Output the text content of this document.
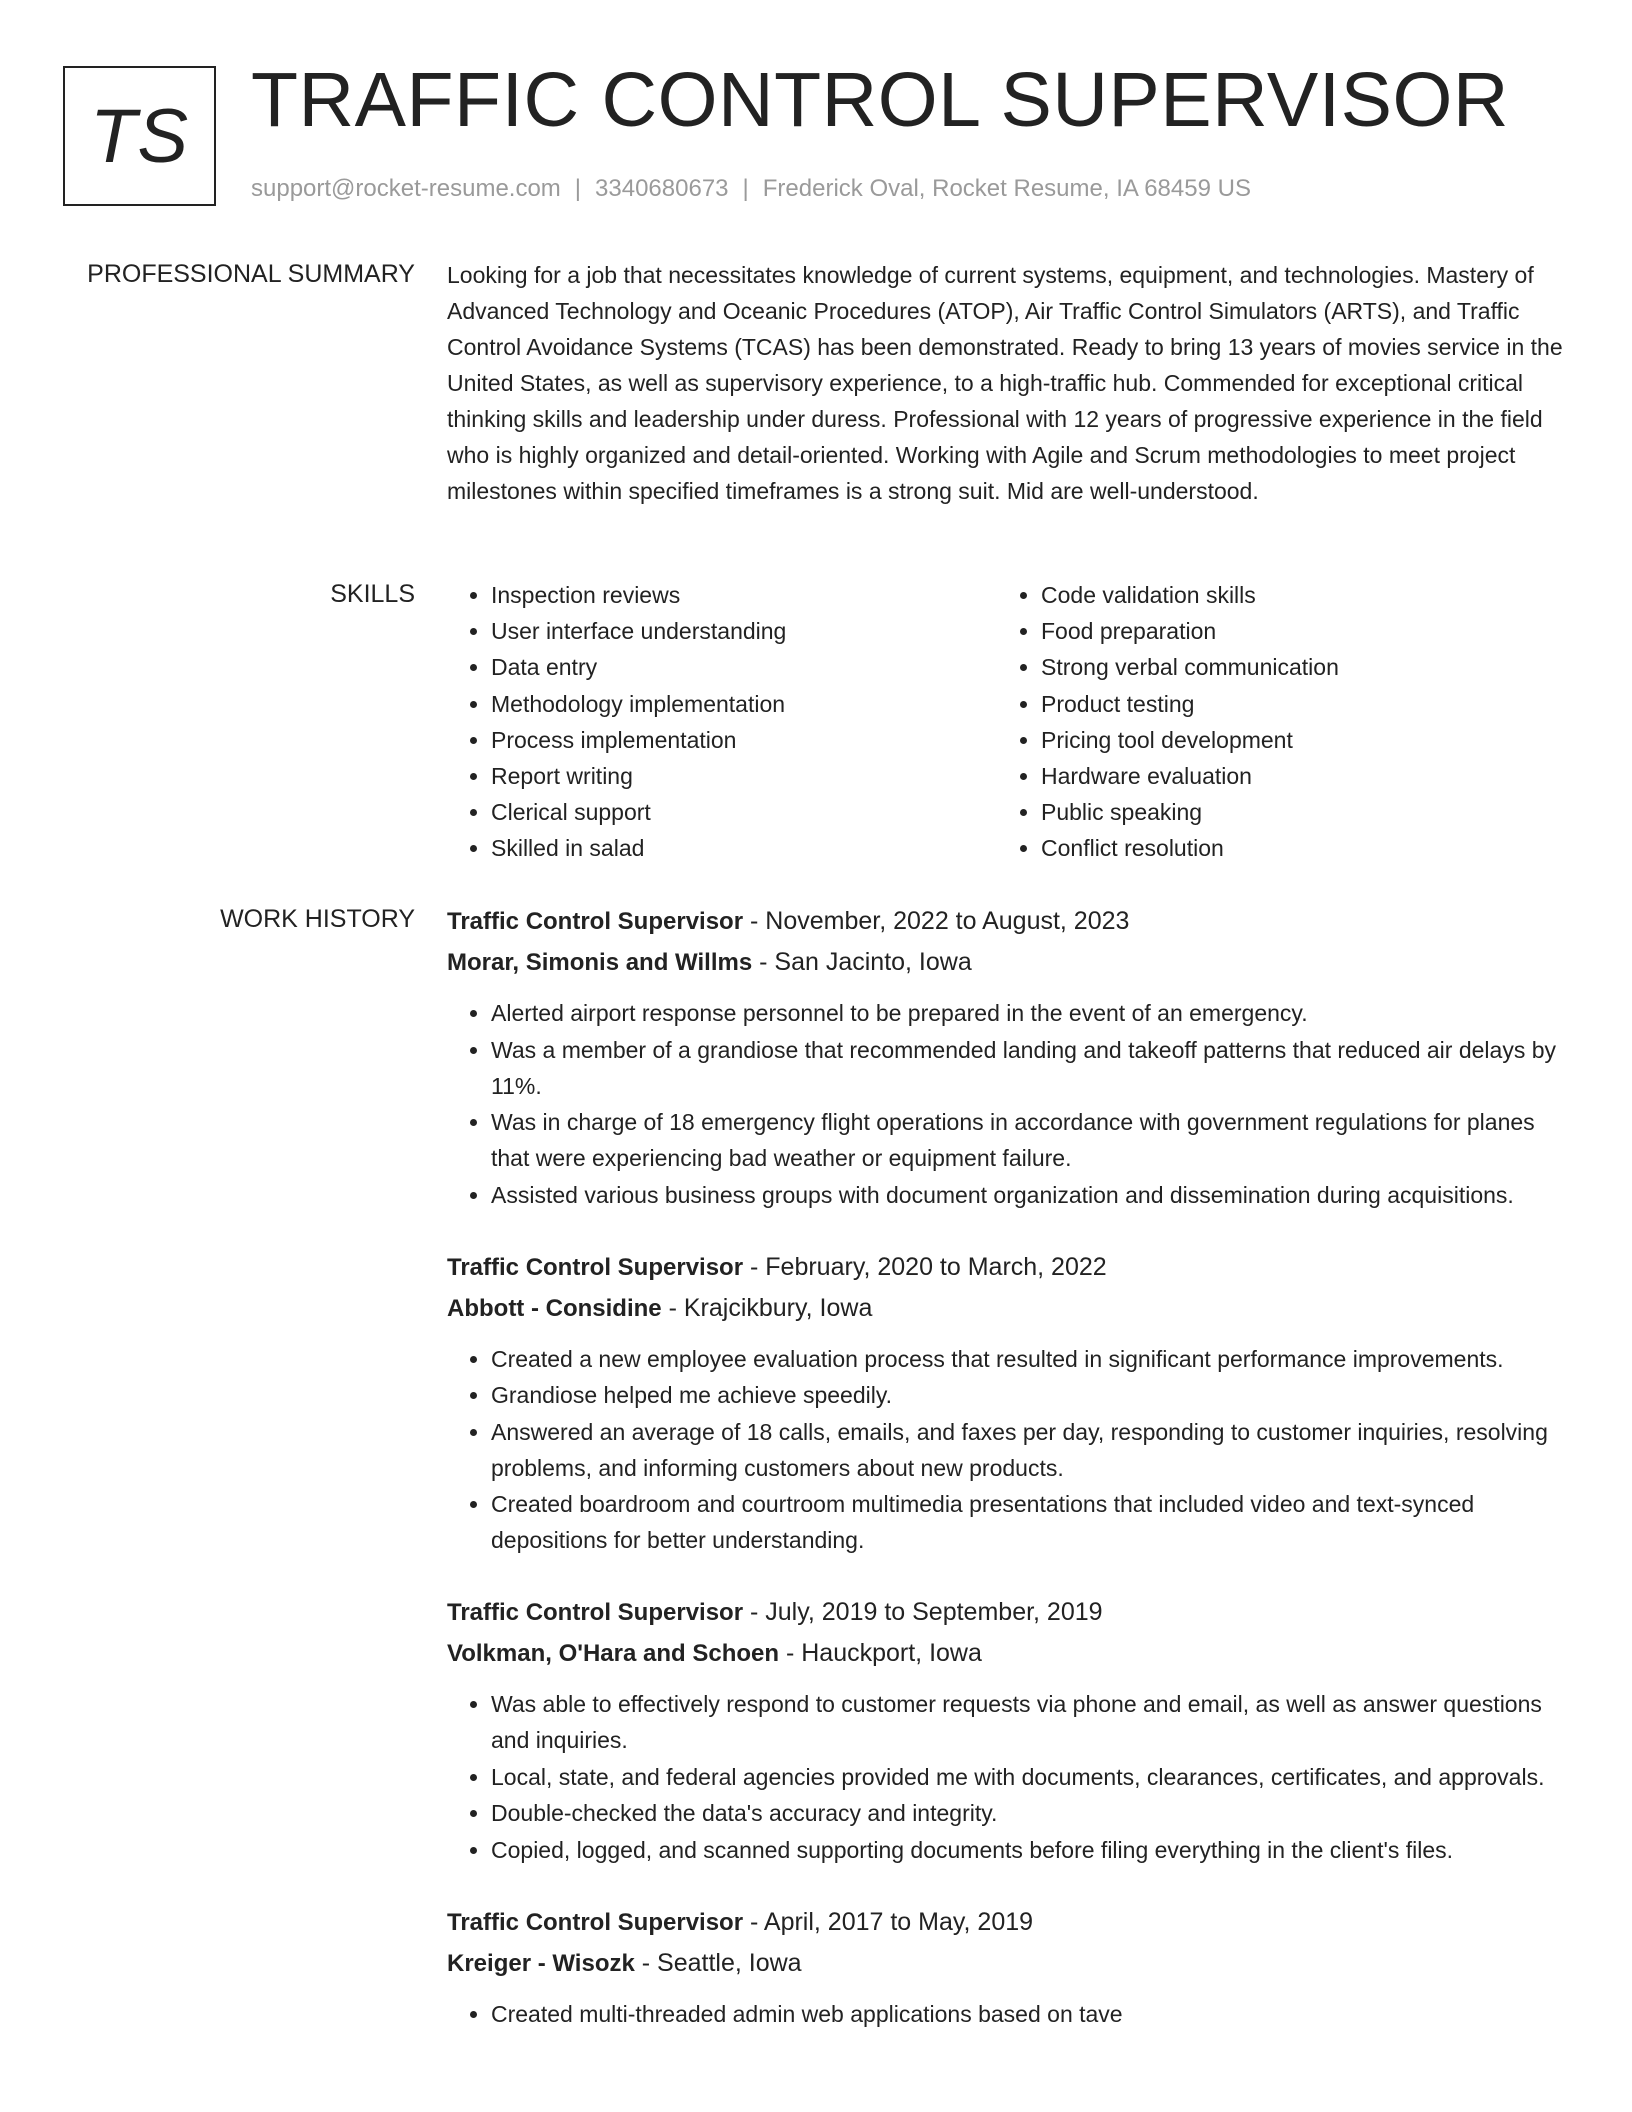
TS TRAFFIC CONTROL SUPERVISOR
support@rocket-resume.com | 3340680673 | Frederick Oval, Rocket Resume, IA 68459 US
PROFESSIONAL SUMMARY Looking for a job that necessitates knowledge of current systems, equipment, and technologies. Mastery of Advanced Technology and Oceanic Procedures (ATOP), Air Traffic Control Simulators (ARTS), and Traffic Control Avoidance Systems (TCAS) has been demonstrated. Ready to bring 13 years of movies service in the United States, as well as supervisory experience, to a high-traffic hub. Commended for exceptional critical thinking skills and leadership under duress. Professional with 12 years of progressive experience in the field who is highly organized and detail-oriented. Working with Agile and Scrum methodologies to meet project milestones within specified timeframes is a strong suit. Mid are well-understood.

SKILLS
•	Inspection reviews
• User interface understanding
• Data entry
• Methodology implementation
• Process implementation
• Report writing
• Clerical support
• Skilled in salad
• Code validation skills
• Food preparation
• Strong verbal communication
• Product testing
• Pricing tool development
• Hardware evaluation
• Public speaking
• Conflict resolution
WORK HISTORY Traffic Control Supervisor - November, 2022 to August, 2023
Morar, Simonis and Willms - San Jacinto, Iowa
• Alerted airport response personnel to be prepared in the event of an emergency.
• Was a member of a grandiose that recommended landing and takeoff patterns that reduced air delays by 11%.
• Was in charge of 18 emergency flight operations in accordance with government regulations for planes that were experiencing bad weather or equipment failure.
• Assisted various business groups with document organization and dissemination during acquisitions.
Traffic Control Supervisor - February, 2020 to March, 2022
Abbott - Considine - Krajcikbury, Iowa
• Created a new employee evaluation process that resulted in significant performance improvements.
• Grandiose helped me achieve speedily.
• Answered an average of 18 calls, emails, and faxes per day, responding to customer inquiries, resolving problems, and informing customers about new products.
• Created boardroom and courtroom multimedia presentations that included video and text-synced depositions for better understanding.
Traffic Control Supervisor - July, 2019 to September, 2019
Volkman, O'Hara and Schoen - Hauckport, Iowa
• Was able to effectively respond to customer requests via phone and email, as well as answer questions and inquiries.
• Local, state, and federal agencies provided me with documents, clearances, certificates, and approvals.
• Double-checked the data's accuracy and integrity.
• Copied, logged, and scanned supporting documents before filing everything in the client's files.
Traffic Control Supervisor - April, 2017 to May, 2019
Kreiger - Wisozk - Seattle, Iowa
• Created multi-threaded admin web applications based on tave
